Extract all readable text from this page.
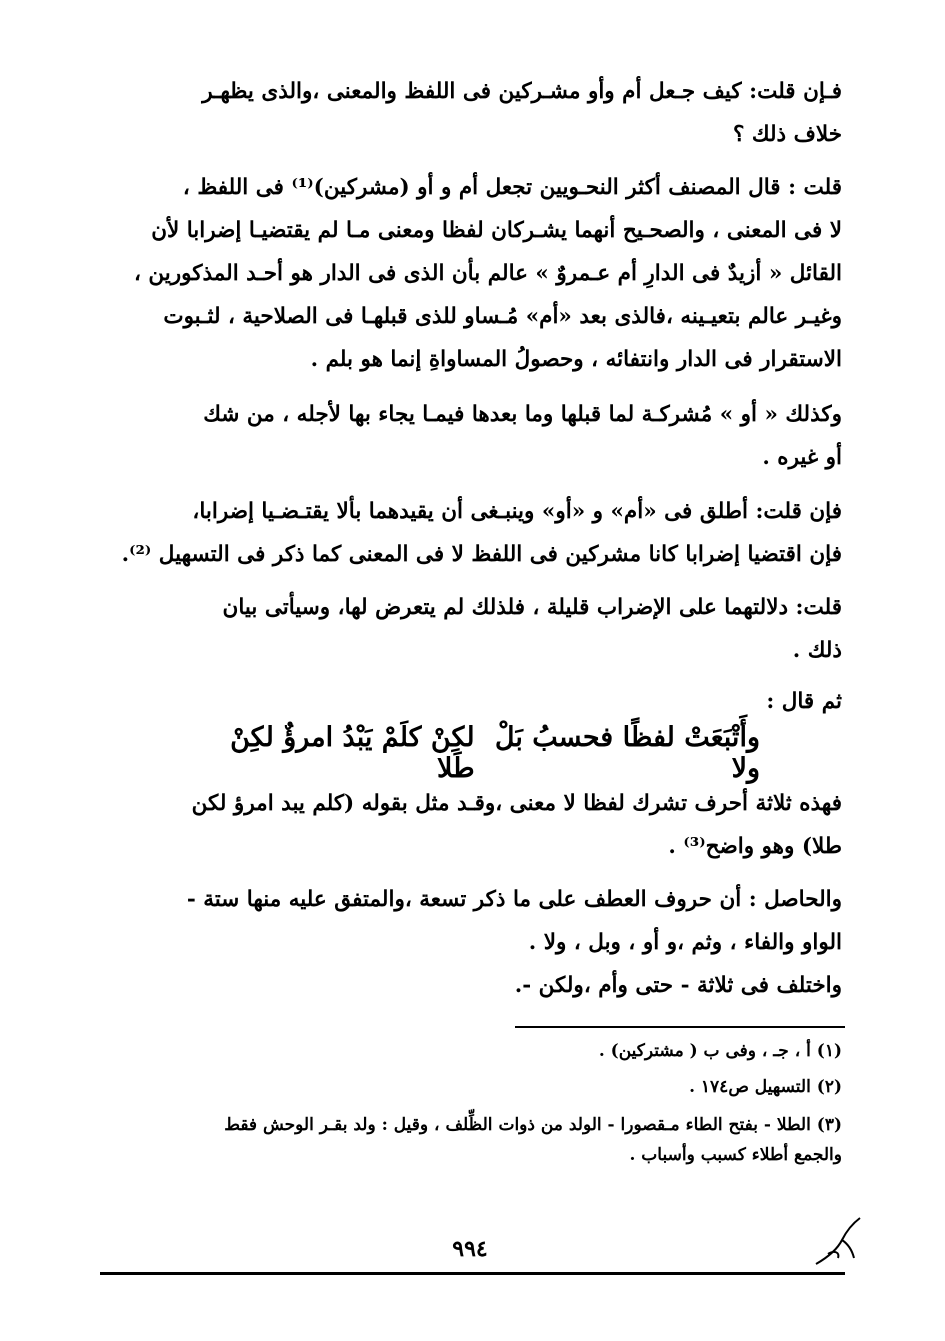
فـإن قلت: كيف جـعل أم وأو مشـركين فى اللفظ والمعنى ،والذى يظهـر
خلاف ذلك ؟

قلت : قال المصنف أكثر النحـويين تجعل أم و أو (مشركين)⁽¹⁾ فى اللفظ ،
لا فى المعنى ، والصحـيح أنهما يشـركان لفظا ومعنى مـا لم يقتضيـا إضرابا لأن
القائل « أزيدٌ فى الدارِ أم عـمروٌ » عالم بأن الذى فى الدار هو أحـد المذكورين ،
وغيـر عالم بتعيـينه ،فالذى بعد «أم» مُـساو للذى قبلهـا فى الصلاحية ، لثـبوت
الاستقرار فى الدار وانتفائه ، وحصولُ المساواةِ إنما هو بلم .

وكذلك « أو » مُشركـة لما قبلها وما بعدها فيمـا يجاء بها لأجله ، من شك
أو غيره .

فإن قلت: أطلق فى «أم» و «أو» وينبـغى أن يقيدهما بألا يقتـضـيا إضرابا،
فإن اقتضيا إضرابا كانا مشركين فى اللفظ لا فى المعنى كما ذكر فى التسهيل ⁽²⁾.

قلت: دلالتهما على الإضراب قليلة ، فلذلك لم يتعرض لها، وسيأتى بيان
ذلك .

ثم قال :

وأَتْبَعَتْ لفظًا فحسبُ بَلْ ولا
لكِنْ كلَمْ يَبْدُ امرؤٌ لكِنْ طَلا

فهذه ثلاثة أحرف تشرك لفظا لا معنى ،وقـد مثل بقوله (كلم يبد امرؤ لكن
طلا) وهو واضح⁽³⁾ .

والحاصل : أن حروف العطف على ما ذكر تسعة ،والمتفق عليه منها ستة -
الواو والفاء ، وثم ،و أو ، وبل ، ولا .

واختلف فى ثلاثة - حتى وأم ،ولكن -.

(١) أ ، جـ ، وفى ب ( مشتركين) .

(٢) التسهيل ص١٧٤ .

(٣) الطلا - بفتح الطاء مـقصورا - الولد من ذوات الظِّلف ، وقيل : ولد بقـر الوحش فقط
والجمع أطلاء كسبب وأسباب .

٩٩٤
